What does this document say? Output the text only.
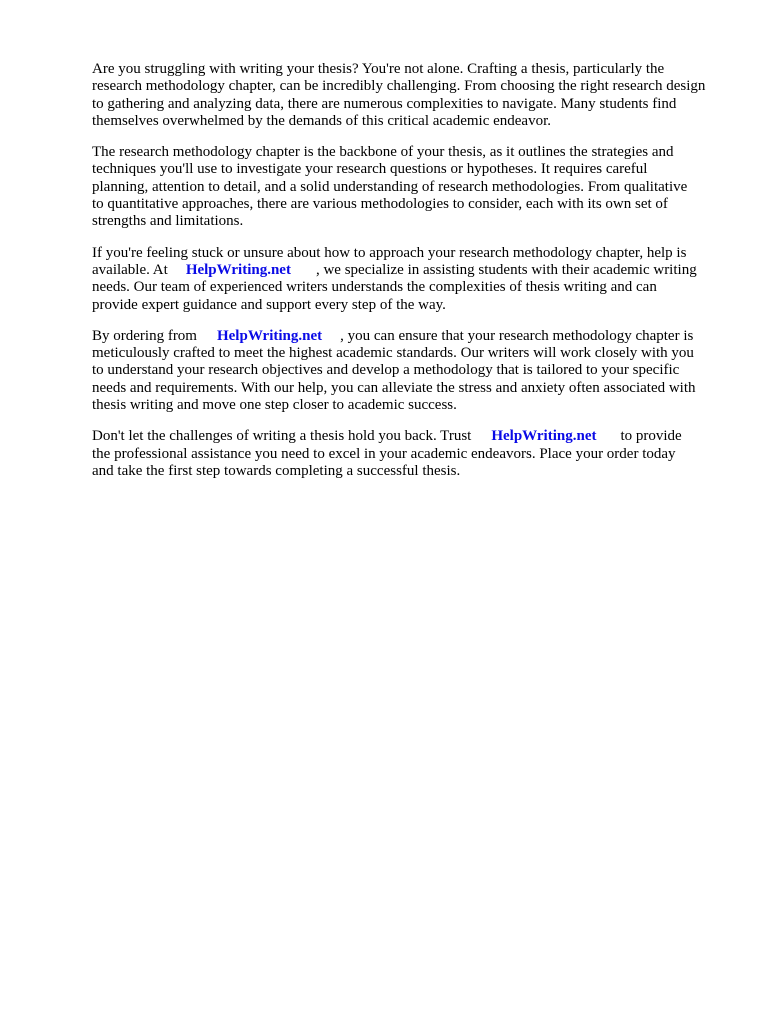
Are you struggling with writing your thesis? You're not alone. Crafting a thesis, particularly the
research methodology chapter, can be incredibly challenging. From choosing the right research design
to gathering and analyzing data, there are numerous complexities to navigate. Many students find
themselves overwhelmed by the demands of this critical academic endeavor.

The research methodology chapter is the backbone of your thesis, as it outlines the strategies and
techniques you'll use to investigate your research questions or hypotheses. It requires careful
planning, attention to detail, and a solid understanding of research methodologies. From qualitative
to quantitative approaches, there are various methodologies to consider, each with its own set of
strengths and limitations.

If you're feeling stuck or unsure about how to approach your research methodology chapter, help is
available. At HelpWriting.net , we specialize in assisting students with their academic writing
needs. Our team of experienced writers understands the complexities of thesis writing and can
provide expert guidance and support every step of the way.

By ordering from HelpWriting.net , you can ensure that your research methodology chapter is
meticulously crafted to meet the highest academic standards. Our writers will work closely with you
to understand your research objectives and develop a methodology that is tailored to your specific
needs and requirements. With our help, you can alleviate the stress and anxiety often associated with
thesis writing and move one step closer to academic success.

Don't let the challenges of writing a thesis hold you back. Trust HelpWriting.net to provide
the professional assistance you need to excel in your academic endeavors. Place your order today
and take the first step towards completing a successful thesis.
